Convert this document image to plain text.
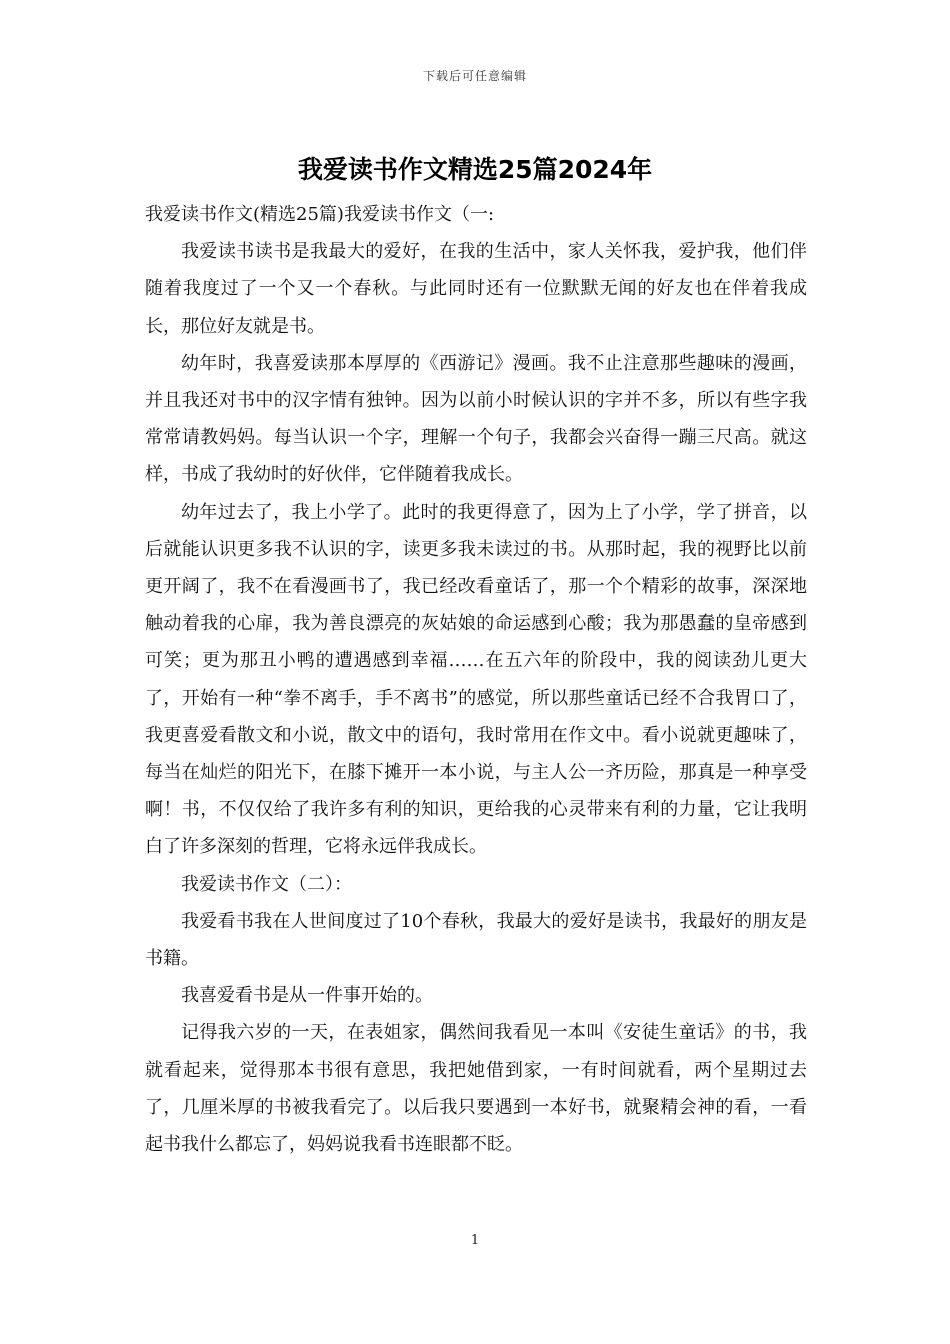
下载后可任意编辑
我爱读书作文精选25篇2024年

我爱读书作文(精选25篇)我爱读书作文（一:

我爱读书读书是我最大的爱好，在我的生活中，家人关怀我，爱护我，他们伴随着我度过了一个又一个春秋。与此同时还有一位默默无闻的好友也在伴着我成长，那位好友就是书。

幼年时，我喜爱读那本厚厚的《西游记》漫画。我不止注意那些趣味的漫画，并且我还对书中的汉字情有独钟。因为以前小时候认识的字并不多，所以有些字我常常请教妈妈。每当认识一个字，理解一个句子，我都会兴奋得一蹦三尺高。就这样，书成了我幼时的好伙伴，它伴随着我成长。

幼年过去了，我上小学了。此时的我更得意了，因为上了小学，学了拼音，以后就能认识更多我不认识的字，读更多我未读过的书。从那时起，我的视野比以前更开阔了，我不在看漫画书了，我已经改看童话了，那一个个精彩的故事，深深地触动着我的心扉，我为善良漂亮的灰姑娘的命运感到心酸；我为那愚蠢的皇帝感到可笑；更为那丑小鸭的遭遇感到幸福……在五六年的阶段中，我的阅读劲儿更大了，开始有一种“拳不离手，手不离书”的感觉，所以那些童话已经不合我胃口了，我更喜爱看散文和小说，散文中的语句，我时常用在作文中。看小说就更趣味了，每当在灿烂的阳光下，在膝下摊开一本小说，与主人公一齐历险，那真是一种享受啊！书，不仅仅给了我许多有利的知识，更给我的心灵带来有利的力量，它让我明白了许多深刻的哲理，它将永远伴我成长。

我爱读书作文（二）：

我爱看书我在人世间度过了10个春秋，我最大的爱好是读书，我最好的朋友是书籍。

我喜爱看书是从一件事开始的。

记得我六岁的一天，在表姐家，偶然间我看见一本叫《安徒生童话》的书，我就看起来，觉得那本书很有意思，我把她借到家，一有时间就看，两个星期过去了，几厘米厚的书被我看完了。以后我只要遇到一本好书，就聚精会神的看，一看起书我什么都忘了，妈妈说我看书连眼都不眨。

1
